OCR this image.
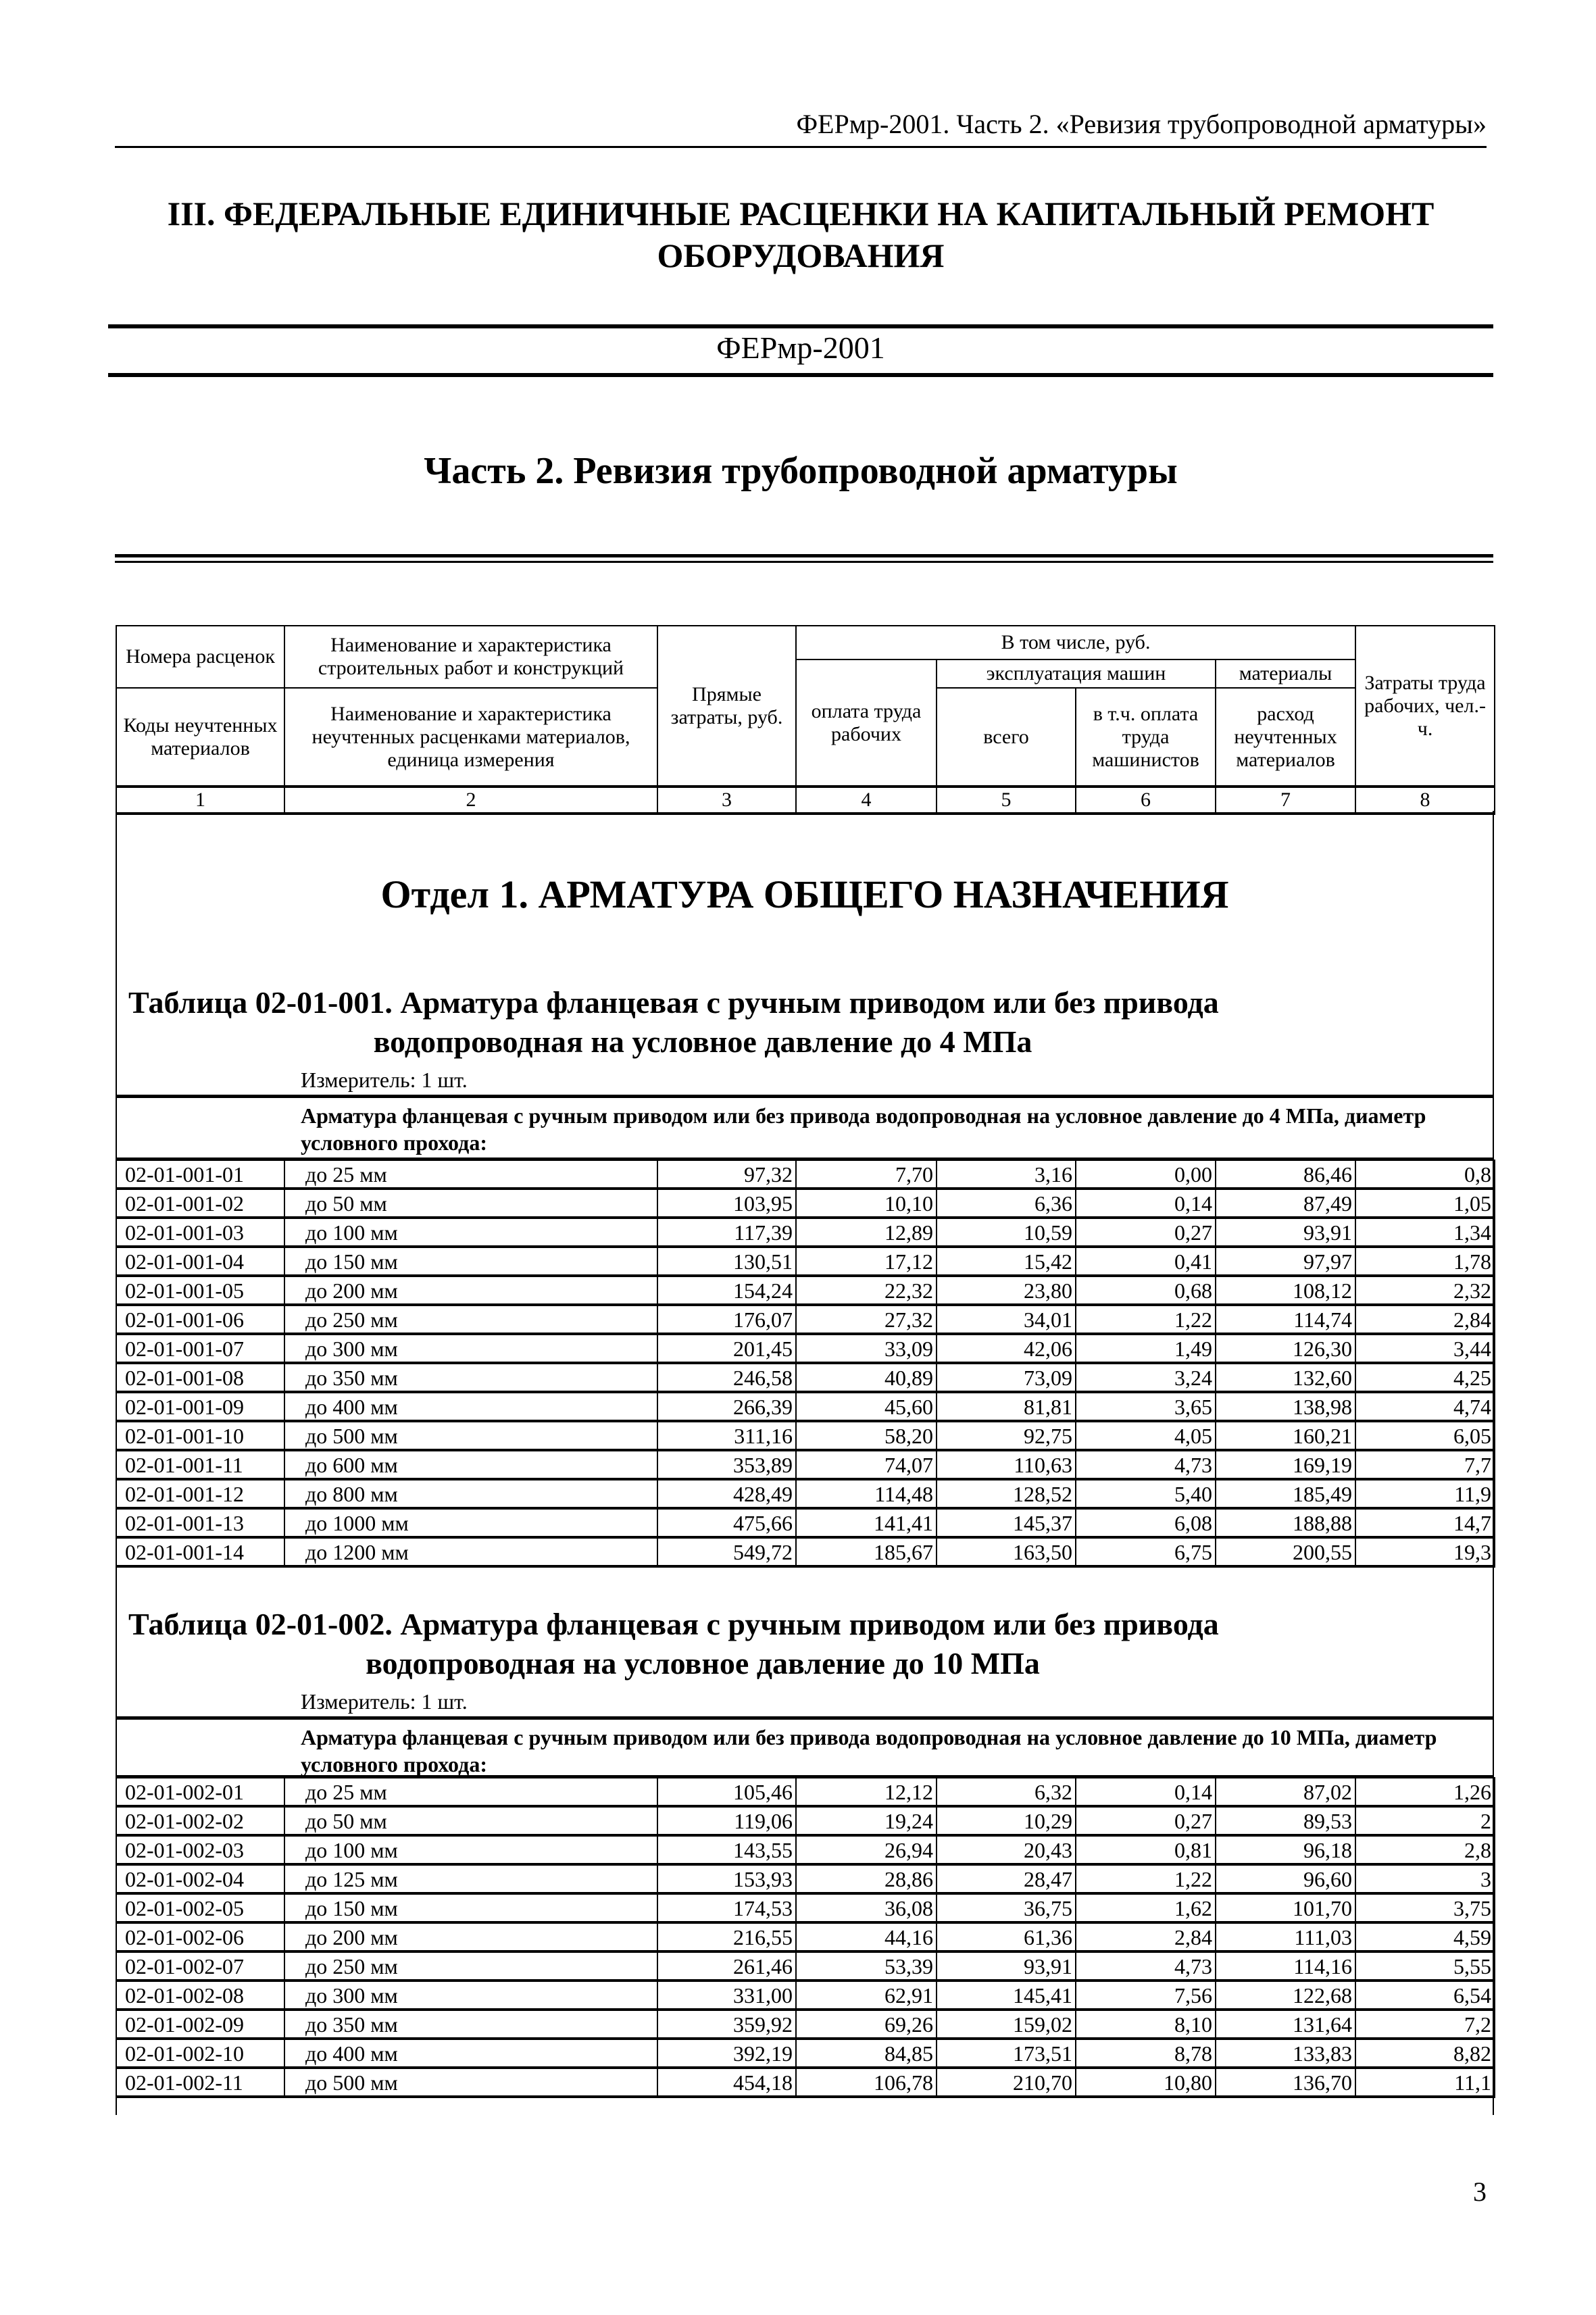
ФЕРмр-2001. Часть 2. «Ревизия трубопроводной арматуры»
III. ФЕДЕРАЛЬНЫЕ ЕДИНИЧНЫЕ РАСЦЕНКИ НА КАПИТАЛЬНЫЙ РЕМОНТ
ОБОРУДОВАНИЯ
ФЕРмр-2001
Часть 2. Ревизия трубопроводной арматуры
Номера расценок	Наименование и характеристика строительных работ и конструкций	Прямые затраты, руб.	В том числе, руб.				Затраты труда рабочих, чел.-ч.
			оплата труда рабочих	эксплуатация машин		материалы	
Коды неучтенных материалов	Наименование и характеристика неучтенных расценками материалов, единица измерения			всего	в т.ч. оплата труда машинистов	расход неучтенных материалов	

1	2	3	4	5	6	7	8
Отдел 1. АРМАТУРА ОБЩЕГО НАЗНАЧЕНИЯ
Таблица 02-01-001. Арматура фланцевая с ручным приводом или без привода
водопроводная на условное давление до 4 МПа
Измеритель: 1 шт.
Арматура фланцевая с ручным приводом или без привода водопроводная на условное давление до 4 МПа, диаметр условного прохода:
02-01-001-01	до 25 мм	97,32	7,70	3,16	0,00	86,46	0,8
02-01-001-02	до 50 мм	103,95	10,10	6,36	0,14	87,49	1,05
02-01-001-03	до 100 мм	117,39	12,89	10,59	0,27	93,91	1,34
02-01-001-04	до 150 мм	130,51	17,12	15,42	0,41	97,97	1,78
02-01-001-05	до 200 мм	154,24	22,32	23,80	0,68	108,12	2,32
02-01-001-06	до 250 мм	176,07	27,32	34,01	1,22	114,74	2,84
02-01-001-07	до 300 мм	201,45	33,09	42,06	1,49	126,30	3,44
02-01-001-08	до 350 мм	246,58	40,89	73,09	3,24	132,60	4,25
02-01-001-09	до 400 мм	266,39	45,60	81,81	3,65	138,98	4,74
02-01-001-10	до 500 мм	311,16	58,20	92,75	4,05	160,21	6,05
02-01-001-11	до 600 мм	353,89	74,07	110,63	4,73	169,19	7,7
02-01-001-12	до 800 мм	428,49	114,48	128,52	5,40	185,49	11,9
02-01-001-13	до 1000 мм	475,66	141,41	145,37	6,08	188,88	14,7
02-01-001-14	до 1200 мм	549,72	185,67	163,50	6,75	200,55	19,3
Таблица 02-01-002. Арматура фланцевая с ручным приводом или без привода
водопроводная на условное давление до 10 МПа
Измеритель: 1 шт.
Арматура фланцевая с ручным приводом или без привода водопроводная на условное давление до 10 МПа, диаметр условного прохода:
02-01-002-01	до 25 мм	105,46	12,12	6,32	0,14	87,02	1,26
02-01-002-02	до 50 мм	119,06	19,24	10,29	0,27	89,53	2
02-01-002-03	до 100 мм	143,55	26,94	20,43	0,81	96,18	2,8
02-01-002-04	до 125 мм	153,93	28,86	28,47	1,22	96,60	3
02-01-002-05	до 150 мм	174,53	36,08	36,75	1,62	101,70	3,75
02-01-002-06	до 200 мм	216,55	44,16	61,36	2,84	111,03	4,59
02-01-002-07	до 250 мм	261,46	53,39	93,91	4,73	114,16	5,55
02-01-002-08	до 300 мм	331,00	62,91	145,41	7,56	122,68	6,54
02-01-002-09	до 350 мм	359,92	69,26	159,02	8,10	131,64	7,2
02-01-002-10	до 400 мм	392,19	84,85	173,51	8,78	133,83	8,82
02-01-002-11	до 500 мм	454,18	106,78	210,70	10,80	136,70	11,1
3
